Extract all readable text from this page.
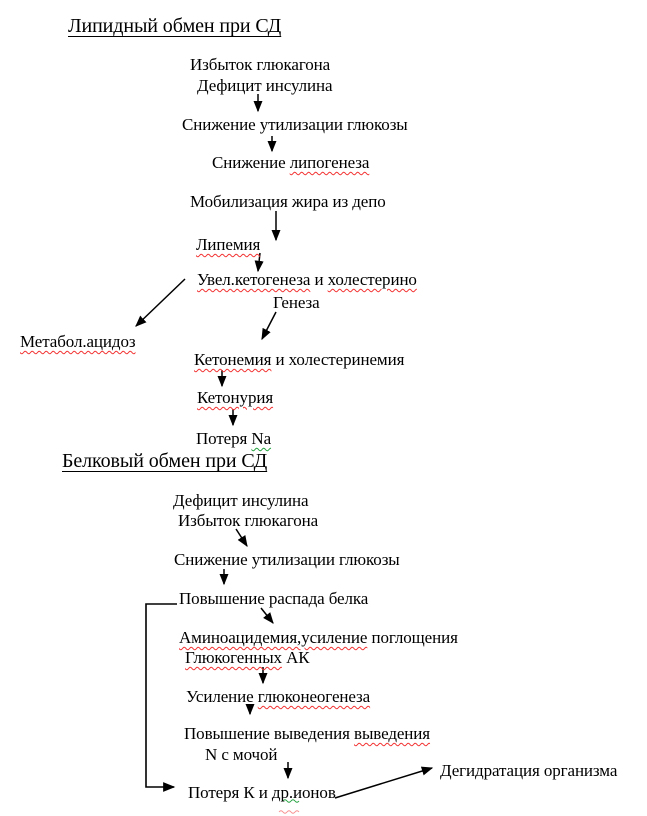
Липидный обмен при СД
Избыток глюкагона
Дефицит инсулина
Снижение утилизации глюкозы
Снижение липогенеза
Мобилизация жира из депо
Липемия
Увел.кетогенеза и холестерино
Генеза
Метабол.ацидоз
Кетонемия и холестеринемия
Кетонурия
Потеря Na
Белковый обмен при СД
Дефицит инсулина
Избыток глюкагона
Снижение утилизации глюкозы
Повышение распада белка
Аминоацидемия,усиление поглощения
Глюкогенных АК
Усиление глюконеогенеза
Повышение выведения выведения
N с мочой
Потеря К и др.ионов
Дегидратация организма
